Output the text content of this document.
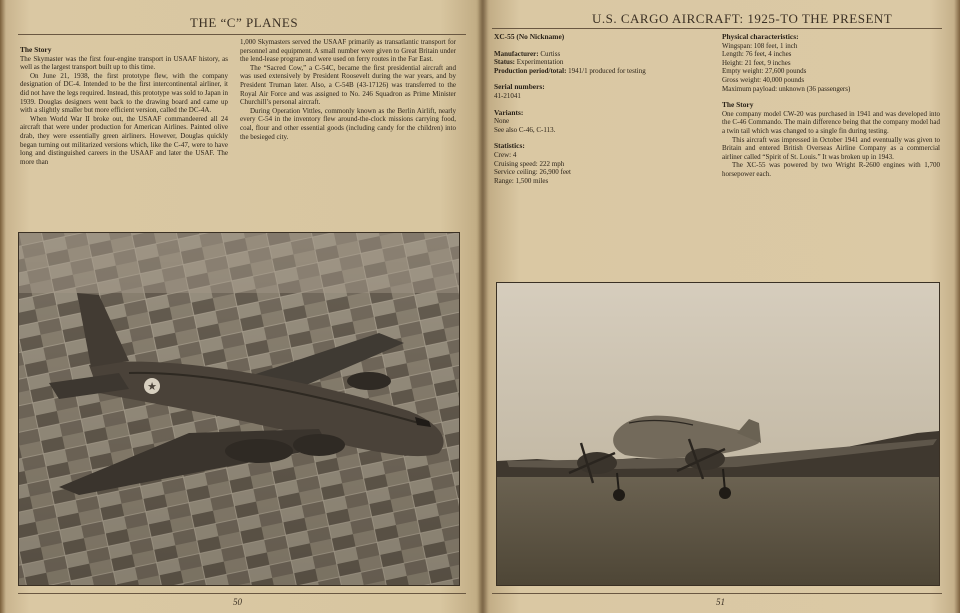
THE “C” PLANES
The Story

The Skymaster was the first four-engine transport in USAAF history, as well as the largest transport built up to this time.

On June 21, 1938, the first prototype flew, with the company designation of DC-4. Intended to be the first intercontinental airliner, it did not have the legs required. Instead, this prototype was sold to Japan in 1939. Douglas designers went back to the drawing board and came up with a slightly smaller but more efficient version, called the DC-4A.

When World War II broke out, the USAAF commandeered all 24 aircraft that were under production for American Airlines. Painted olive drab, they were essentially green airliners. However, Douglas quickly began turning out militarized versions which, like the C-47, were to have long and distinguished careers in the USAAF and later the USAF. The more than

1,000 Skymasters served the USAAF primarily as transatlantic transport for personnel and equipment. A small number were given to Great Britain under the lend-lease program and were used on ferry routes in the Far East.

The “Sacred Cow,” a C-54C, became the first presidential aircraft and was used extensively by President Roosevelt during the war years, and by President Truman later. Also, a C-54B (43-17126) was transferred to the Royal Air Force and was assigned to No. 246 Squadron as Prime Minister Churchill’s personal aircraft.

During Operation Vittles, commonly known as the Berlin Airlift, nearly every C-54 in the inventory flew around-the-clock missions carrying food, coal, flour and other essential goods (including candy for the children) into the besieged city.

★
50
U.S. CARGO AIRCRAFT: 1925-TO THE PRESENT
XC-55 (No Nickname)
Manufacturer: Curtiss
Status: Experimentation
Production period/total: 1941/1 produced for testing
Serial numbers:
41-21041
Variants:
None
See also C-46, C-113.
Statistics:
Crew: 4
Cruising speed: 222 mph
Service ceiling: 26,900 feet
Range: 1,500 miles
Physical characteristics:
Wingspan: 108 feet, 1 inch
Length: 76 feet, 4 inches
Height: 21 feet, 9 inches
Empty weight: 27,600 pounds
Gross weight: 40,000 pounds
Maximum payload: unknown (36 passengers)
The Story

One company model CW-20 was purchased in 1941 and was developed into the C-46 Commando. The main difference being that the company model had a twin tail which was changed to a single fin during testing.

This aircraft was impressed in October 1941 and eventually was given to Britain and entered British Overseas Airline Company as a commercial airliner called “Spirit of St. Louis.” It was broken up in 1943.

The XC-55 was powered by two Wright R-2600 engines with 1,700 horsepower each.

51
